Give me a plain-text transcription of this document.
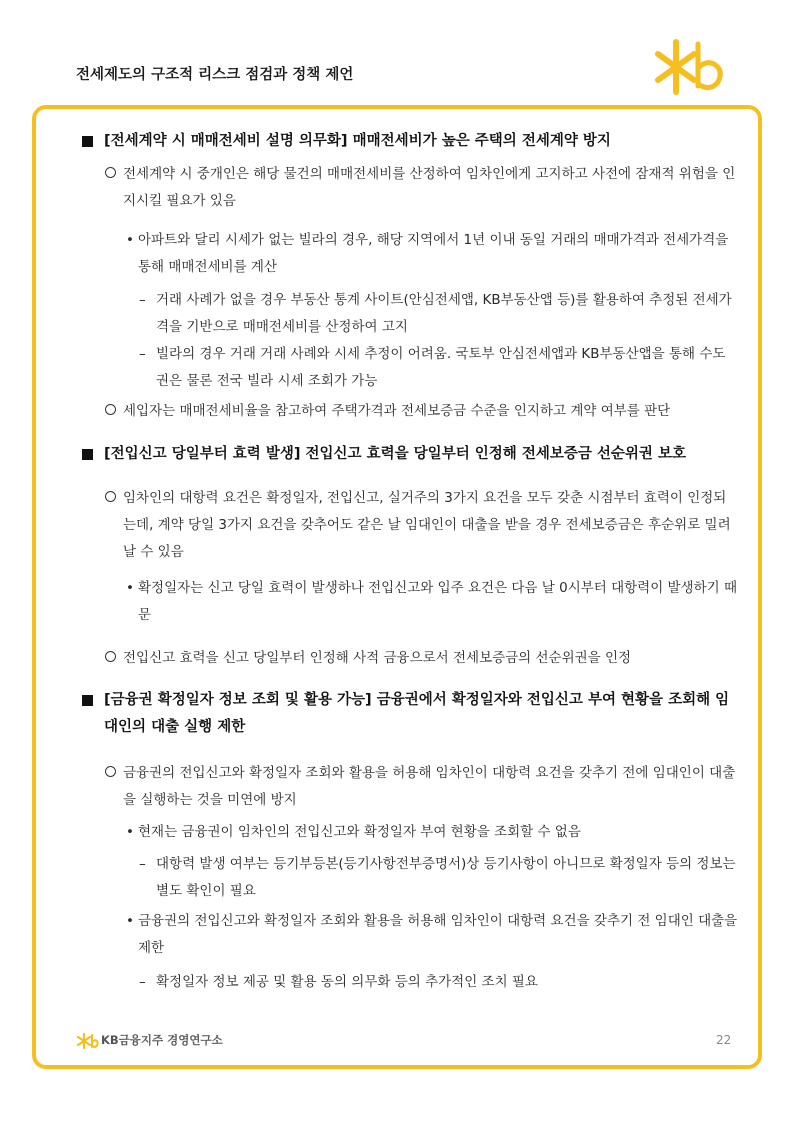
전세제도의 구조적 리스크 점검과 정책 제언
[전세계약 시 매매전세비 설명 의무화] 매매전세비가 높은 주택의 전세계약 방지
전세계약 시 중개인은 해당 물건의 매매전세비를 산정하여 임차인에게 고지하고 사전에 잠재적 위험을 인지시킬 필요가 있음
• 아파트와 달리 시세가 없는 빌라의 경우, 해당 지역에서 1년 이내 동일 거래의 매매가격과 전세가격을 통해 매매전세비를 계산
– 거래 사례가 없을 경우 부동산 통계 사이트(안심전세앱, KB부동산앱 등)를 활용하여 추정된 전세가격을 기반으로 매매전세비를 산정하여 고지
– 빌라의 경우 거래 거래 사례와 시세 추정이 어려움. 국토부 안심전세앱과 KB부동산앱을 통해 수도권은 물론 전국 빌라 시세 조회가 가능
세입자는 매매전세비율을 참고하여 주택가격과 전세보증금 수준을 인지하고 계약 여부를 판단
[전입신고 당일부터 효력 발생] 전입신고 효력을 당일부터 인정해 전세보증금 선순위권 보호
임차인의 대항력 요건은 확정일자, 전입신고, 실거주의 3가지 요건을 모두 갖춘 시점부터 효력이 인정되는데, 계약 당일 3가지 요건을 갖추어도 같은 날 임대인이 대출을 받을 경우 전세보증금은 후순위로 밀려날 수 있음
• 확정일자는 신고 당일 효력이 발생하나 전입신고와 입주 요건은 다음 날 0시부터 대항력이 발생하기 때문
전입신고 효력을 신고 당일부터 인정해 사적 금융으로서 전세보증금의 선순위권을 인정
[금융권 확정일자 정보 조회 및 활용 가능] 금융권에서 확정일자와 전입신고 부여 현황을 조회해 임대인의 대출 실행 제한
금융권의 전입신고와 확정일자 조회와 활용을 허용해 임차인이 대항력 요건을 갖추기 전에 임대인이 대출을 실행하는 것을 미연에 방지
• 현재는 금융권이 임차인의 전입신고와 확정일자 부여 현황을 조회할 수 없음
– 대항력 발생 여부는 등기부등본(등기사항전부증명서)상 등기사항이 아니므로 확정일자 등의 정보는 별도 확인이 필요
• 금융권의 전입신고와 확정일자 조회와 활용을 허용해 임차인이 대항력 요건을 갖추기 전 임대인 대출을 제한
– 확정일자 정보 제공 및 활용 동의 의무화 등의 추가적인 조치 필요
KB금융지주 경영연구소	22
